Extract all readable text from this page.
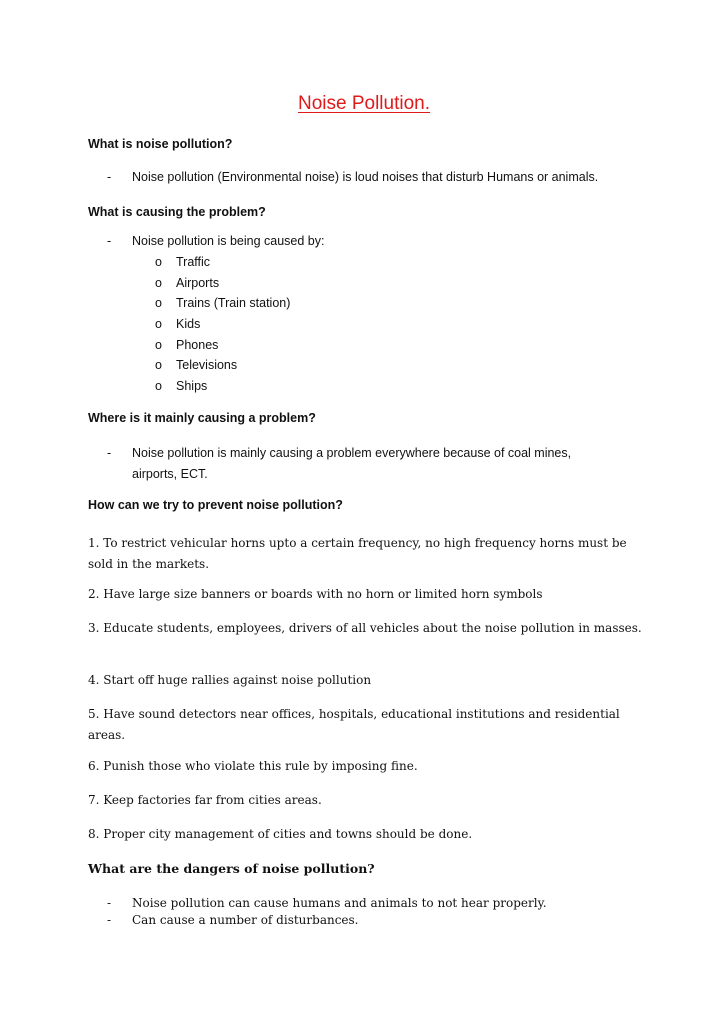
Noise Pollution.
What is noise pollution?
- Noise pollution (Environmental noise) is loud noises that disturb Humans or animals.
What is causing the problem?
- Noise pollution is being caused by:
o Traffic
o Airports
o Trains (Train station)
o Kids
o Phones
o Televisions
o Ships
Where is it mainly causing a problem?
- Noise pollution is mainly causing a problem everywhere because of coal mines,
airports, ECT.
How can we try to prevent noise pollution?
1. To restrict vehicular horns upto a certain frequency, no high frequency horns must be sold in the markets.
2. Have large size banners or boards with no horn or limited horn symbols
3. Educate students, employees, drivers of all vehicles about the noise pollution in masses.
4. Start off huge rallies against noise pollution
5. Have sound detectors near offices, hospitals, educational institutions and residential areas.
6. Punish those who violate this rule by imposing fine.
7. Keep factories far from cities areas.
8. Proper city management of cities and towns should be done.
What are the dangers of noise pollution?
- Noise pollution can cause humans and animals to not hear properly.
- Can cause a number of disturbances.
